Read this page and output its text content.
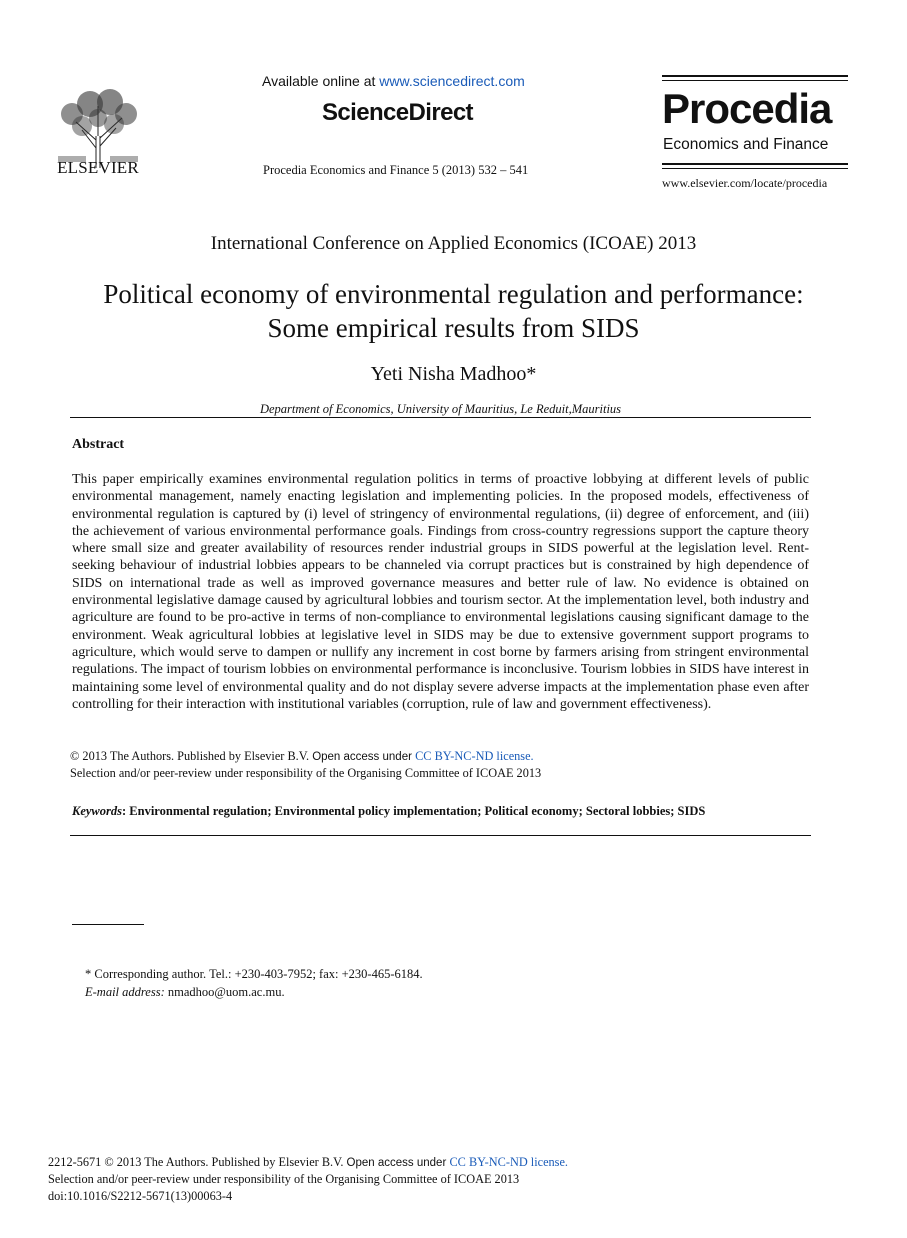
ELSEVIER
Available online at www.sciencedirect.com
ScienceDirect
Procedia Economics and Finance 5 (2013) 532 – 541
Procedia
Economics and Finance
www.elsevier.com/locate/procedia
International Conference on Applied Economics (ICOAE) 2013
Political economy of environmental regulation and performance:
Some empirical results from SIDS
Yeti Nisha Madhoo*
Department of Economics, University of Mauritius, Le Reduit,Mauritius
Abstract
This paper empirically examines environmental regulation politics in terms of proactive lobbying at different levels of public environmental management, namely enacting legislation and implementing policies. In the proposed models, effectiveness of environmental regulation is captured by (i) level of stringency of environmental regulations, (ii) degree of enforcement, and (iii) the achievement of various environmental performance goals. Findings from cross-country regressions support the capture theory where small size and greater availability of resources render industrial groups in SIDS powerful at the legislation level. Rent-seeking behaviour of industrial lobbies appears to be channeled via corrupt practices but is constrained by high dependence of SIDS on international trade as well as improved governance measures and better rule of law. No evidence is obtained on environmental legislative damage caused by agricultural lobbies and tourism sector. At the implementation level, both industry and agriculture are found to be pro-active in terms of non-compliance to environmental legislations causing significant damage to the environment. Weak agricultural lobbies at legislative level in SIDS may be due to extensive government support programs to agriculture, which would serve to dampen or nullify any increment in cost borne by farmers arising from stringent environmental regulations. The impact of tourism lobbies on environmental performance is inconclusive. Tourism lobbies in SIDS have interest in maintaining some level of environmental quality and do not display severe adverse impacts at the implementation phase even after controlling for their interaction with institutional variables (corruption, rule of law and government effectiveness).
© 2013 The Authors. Published by Elsevier B.V. Open access under CC BY-NC-ND license.
Selection and/or peer-review under responsibility of the Organising Committee of ICOAE 2013
Keywords: Environmental regulation; Environmental policy implementation; Political economy; Sectoral lobbies; SIDS
* Corresponding author. Tel.: +230-403-7952; fax: +230-465-6184.
E-mail address: nmadhoo@uom.ac.mu.
2212-5671 © 2013 The Authors. Published by Elsevier B.V. Open access under CC BY-NC-ND license.
Selection and/or peer-review under responsibility of the Organising Committee of ICOAE 2013
doi:10.1016/S2212-5671(13)00063-4
